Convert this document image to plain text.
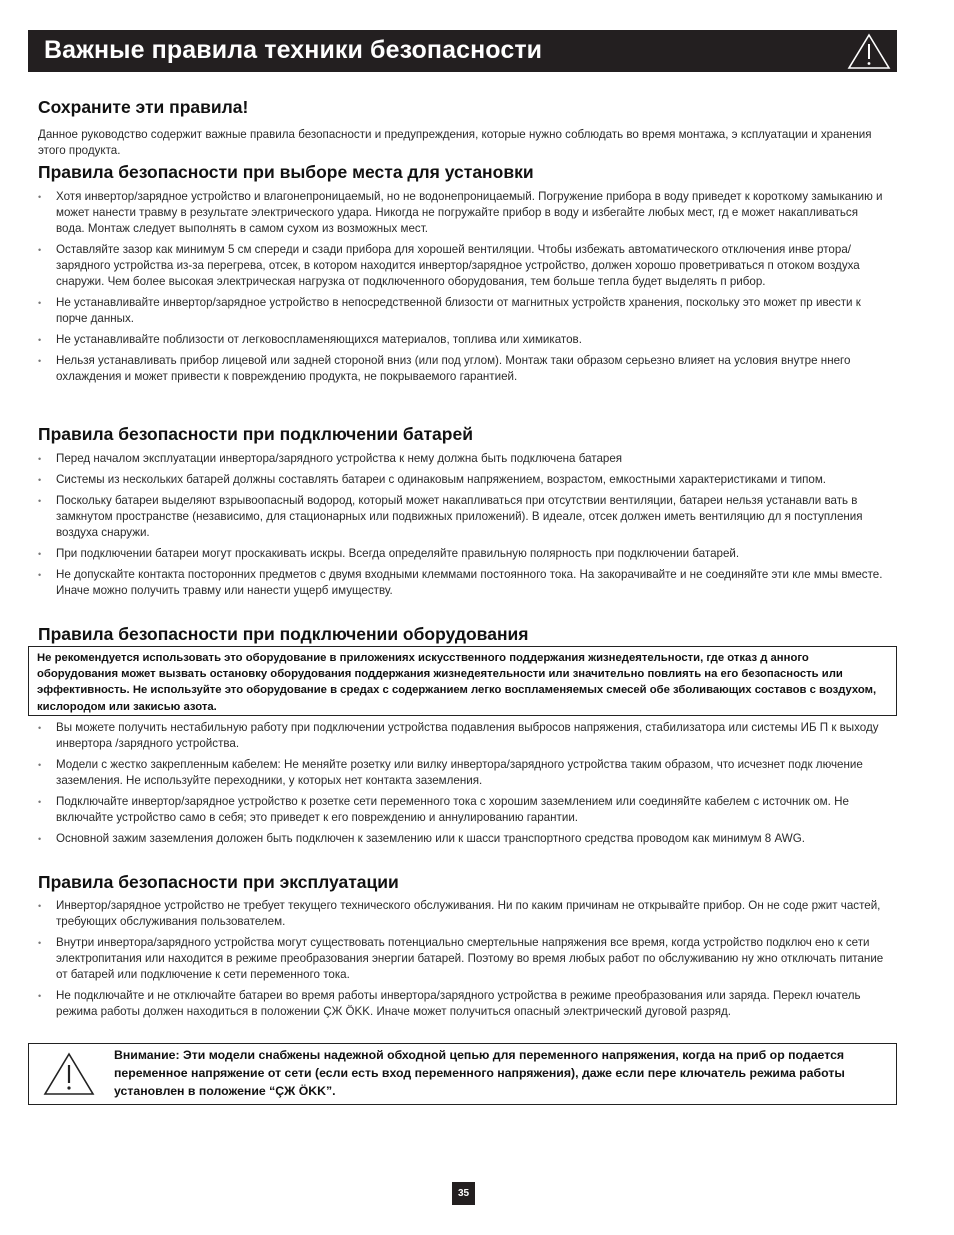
Важные правила техники безопасности
Сохраните эти правила!
Данное руководство содержит важные правила безопасности и предупреждения, которые нужно соблюдать во время монтажа, э ксплуатации и хранения этого продукта.
Правила безопасности при выборе места для установки
• Хотя инвертор/зарядное устройство и влагонепроницаемый, но не водонепроницаемый. Погружение прибора в воду приведет к короткому замыканию и может нанести травму в результате электрического удара. Никогда не погружайте прибор в воду и избегайте любых мест, гд е может накапливаться вода. Монтаж следует выполнять в самом сухом из возможных мест.
• Оставляйте зазор как минимум 5 см спереди и сзади прибора для хорошей вентиляции. Чтобы избежать автоматического отключения инве ртора/зарядного устройства из-за перегрева, отсек, в котором находится инвертор/зарядное устройство, должен хорошо проветриваться п отоком воздуха снаружи. Чем более высокая электрическая нагрузка от подключенного оборудования, тем больше тепла будет выделять п рибор.
• Не устанавливайте инвертор/зарядное устройство в непосредственной близости от магнитных устройств хранения, поскольку это может пр ивести к порче данных.
• Не устанавливайте поблизости от легковоспламеняющихся материалов, топлива или химикатов.
• Нельзя устанавливать прибор лицевой или задней стороной вниз (или под углом). Монтаж таки образом серьезно влияет на условия внутре ннего охлаждения и может привести к повреждению продукта, не покрываемого гарантией.
Правила безопасности при подключении батарей
• Перед началом эксплуатации инвертора/зарядного устройства к нему должна быть подключена батарея
• Системы из нескольких батарей должны составлять батареи с одинаковым напряжением, возрастом, емкостными характеристиками и типом.
• Поскольку батареи выделяют взрывоопасный водород, который может накапливаться при отсутствии вентиляции, батареи нельзя устанавли вать в замкнутом пространстве (независимо, для стационарных или подвижных приложений). В идеале, отсек должен иметь вентиляцию дл я поступления воздуха снаружи.
• При подключении батареи могут проскакивать искры. Всегда определяйте правильную полярность при подключении батарей.
• Не допускайте контакта посторонних предметов с двумя входными клеммами постоянного тока. На закорачивайте и не соединяйте эти кле ммы вместе. Иначе можно получить травму или нанести ущерб имуществу.
Правила безопасности при подключении оборудования
Не рекомендуется использовать это оборудование в приложениях искусственного поддержания жизнедеятельности, где отказ д анного оборудования может вызвать остановку оборудования поддержания жизнедеятельности или значительно повлиять на его безопасность или эффективность. Не используйте это оборудование в средах с содержанием легко воспламеняемых смесей обе зболивающих составов с воздухом, кислородом или закисью азота.
• Вы можете получить нестабильную работу при подключении устройства подавления выбросов напряжения, стабилизатора или системы ИБ П к выходу инвертора /зарядного устройства.
• Модели с жестко закрепленным кабелем: Не меняйте розетку или вилку инвертора/зарядного устройства таким образом, что исчезнет подк лючение заземления. Не используйте переходники, у которых нет контакта заземления.
• Подключайте инвертор/зарядное устройство к розетке сети переменного тока с хорошим заземлением или соединяйте кабелем с источник ом. Не включайте устройство само в себя; это приведет к его повреждению и аннулированию гарантии.
• Основной зажим заземления доложен быть подключен к заземлению или к шасси транспортного средства проводом как минимум 8 AWG.
Правила безопасности при эксплуатации
• Инвертор/зарядное устройство не требует текущего технического обслуживания. Ни по каким причинам не открывайте прибор. Он не соде ржит частей, требующих обслуживания пользователем.
• Внутри инвертора/зарядного устройства могут существовать потенциально смертельные напряжения все время, когда устройство подключ ено к сети электропитания или находится в режиме преобразования энергии батарей. Поэтому во время любых работ по обслуживанию ну жно отключать питание от батарей или подключение к сети переменного тока.
• Не подключайте и не отключайте батареи во время работы инвертора/зарядного устройства в режиме преобразования или заряда. Перекл ючатель режима работы должен находиться в положении ÇЖ ÖKK. Иначе может получиться опасный электрический дуговой разряд.
Внимание: Эти модели снабжены надежной обходной цепью для переменного напряжения, когда на приб ор подается переменное напряжение от сети (если есть вход переменного напряжения), даже если пере ключатель режима работы установлен в положение “ÇЖ ÖKK”.
35
